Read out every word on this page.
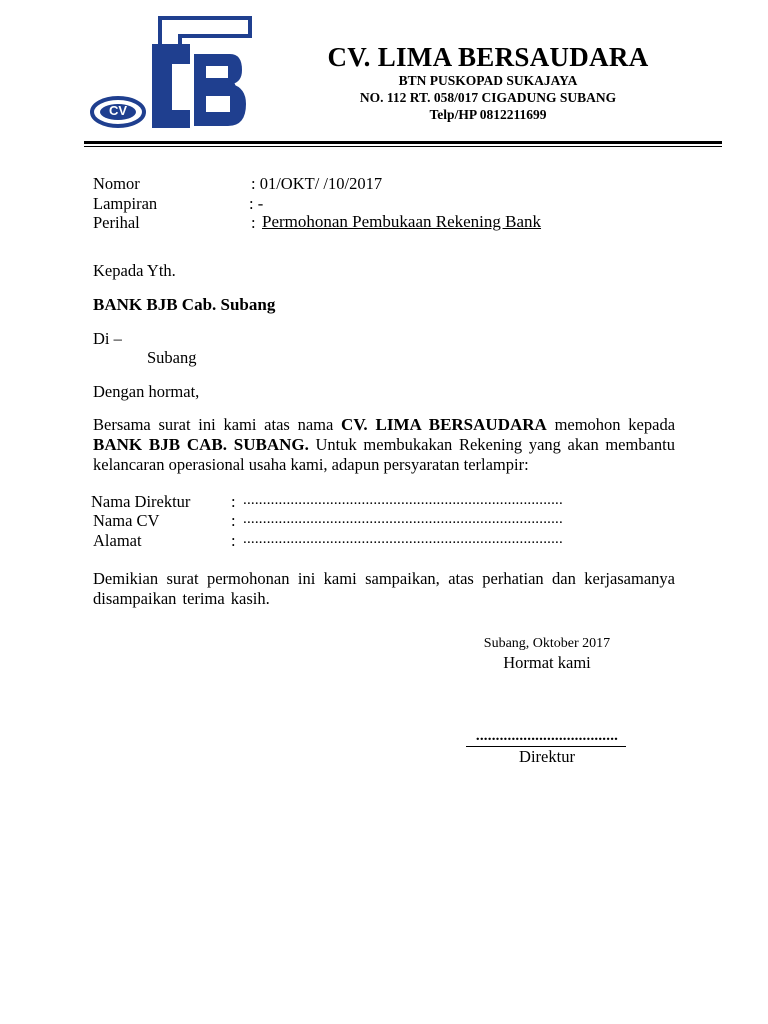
CV
CV. LIMA BERSAUDARA
BTN PUSKOPAD SUKAJAYA
NO. 112 RT. 058/017 CIGADUNG SUBANG
Telp/HP 0812211699
Nomor	: 01/OKT/ /10/2017
Lampiran	: -
Perihal	: Permohonan Pembukaan Rekening Bank
Kepada Yth.
BANK BJB Cab. Subang
Di –
Subang
Dengan hormat,
Bersama surat ini kami atas nama CV. LIMA BERSAUDARA memohon kepada BANK BJB CAB. SUBANG. Untuk membukakan Rekening yang akan membantu kelancaran operasional usaha kami, adapun persyaratan terlampir:
Nama Direktur : .................................................................................
Nama CV	: .................................................................................
Alamat	: .................................................................................
Demikian surat permohonan ini kami sampaikan, atas perhatian dan kerjasamanya disampaikan terima kasih.
Subang, Oktober 2017
Hormat kami
....................................
Direktur
